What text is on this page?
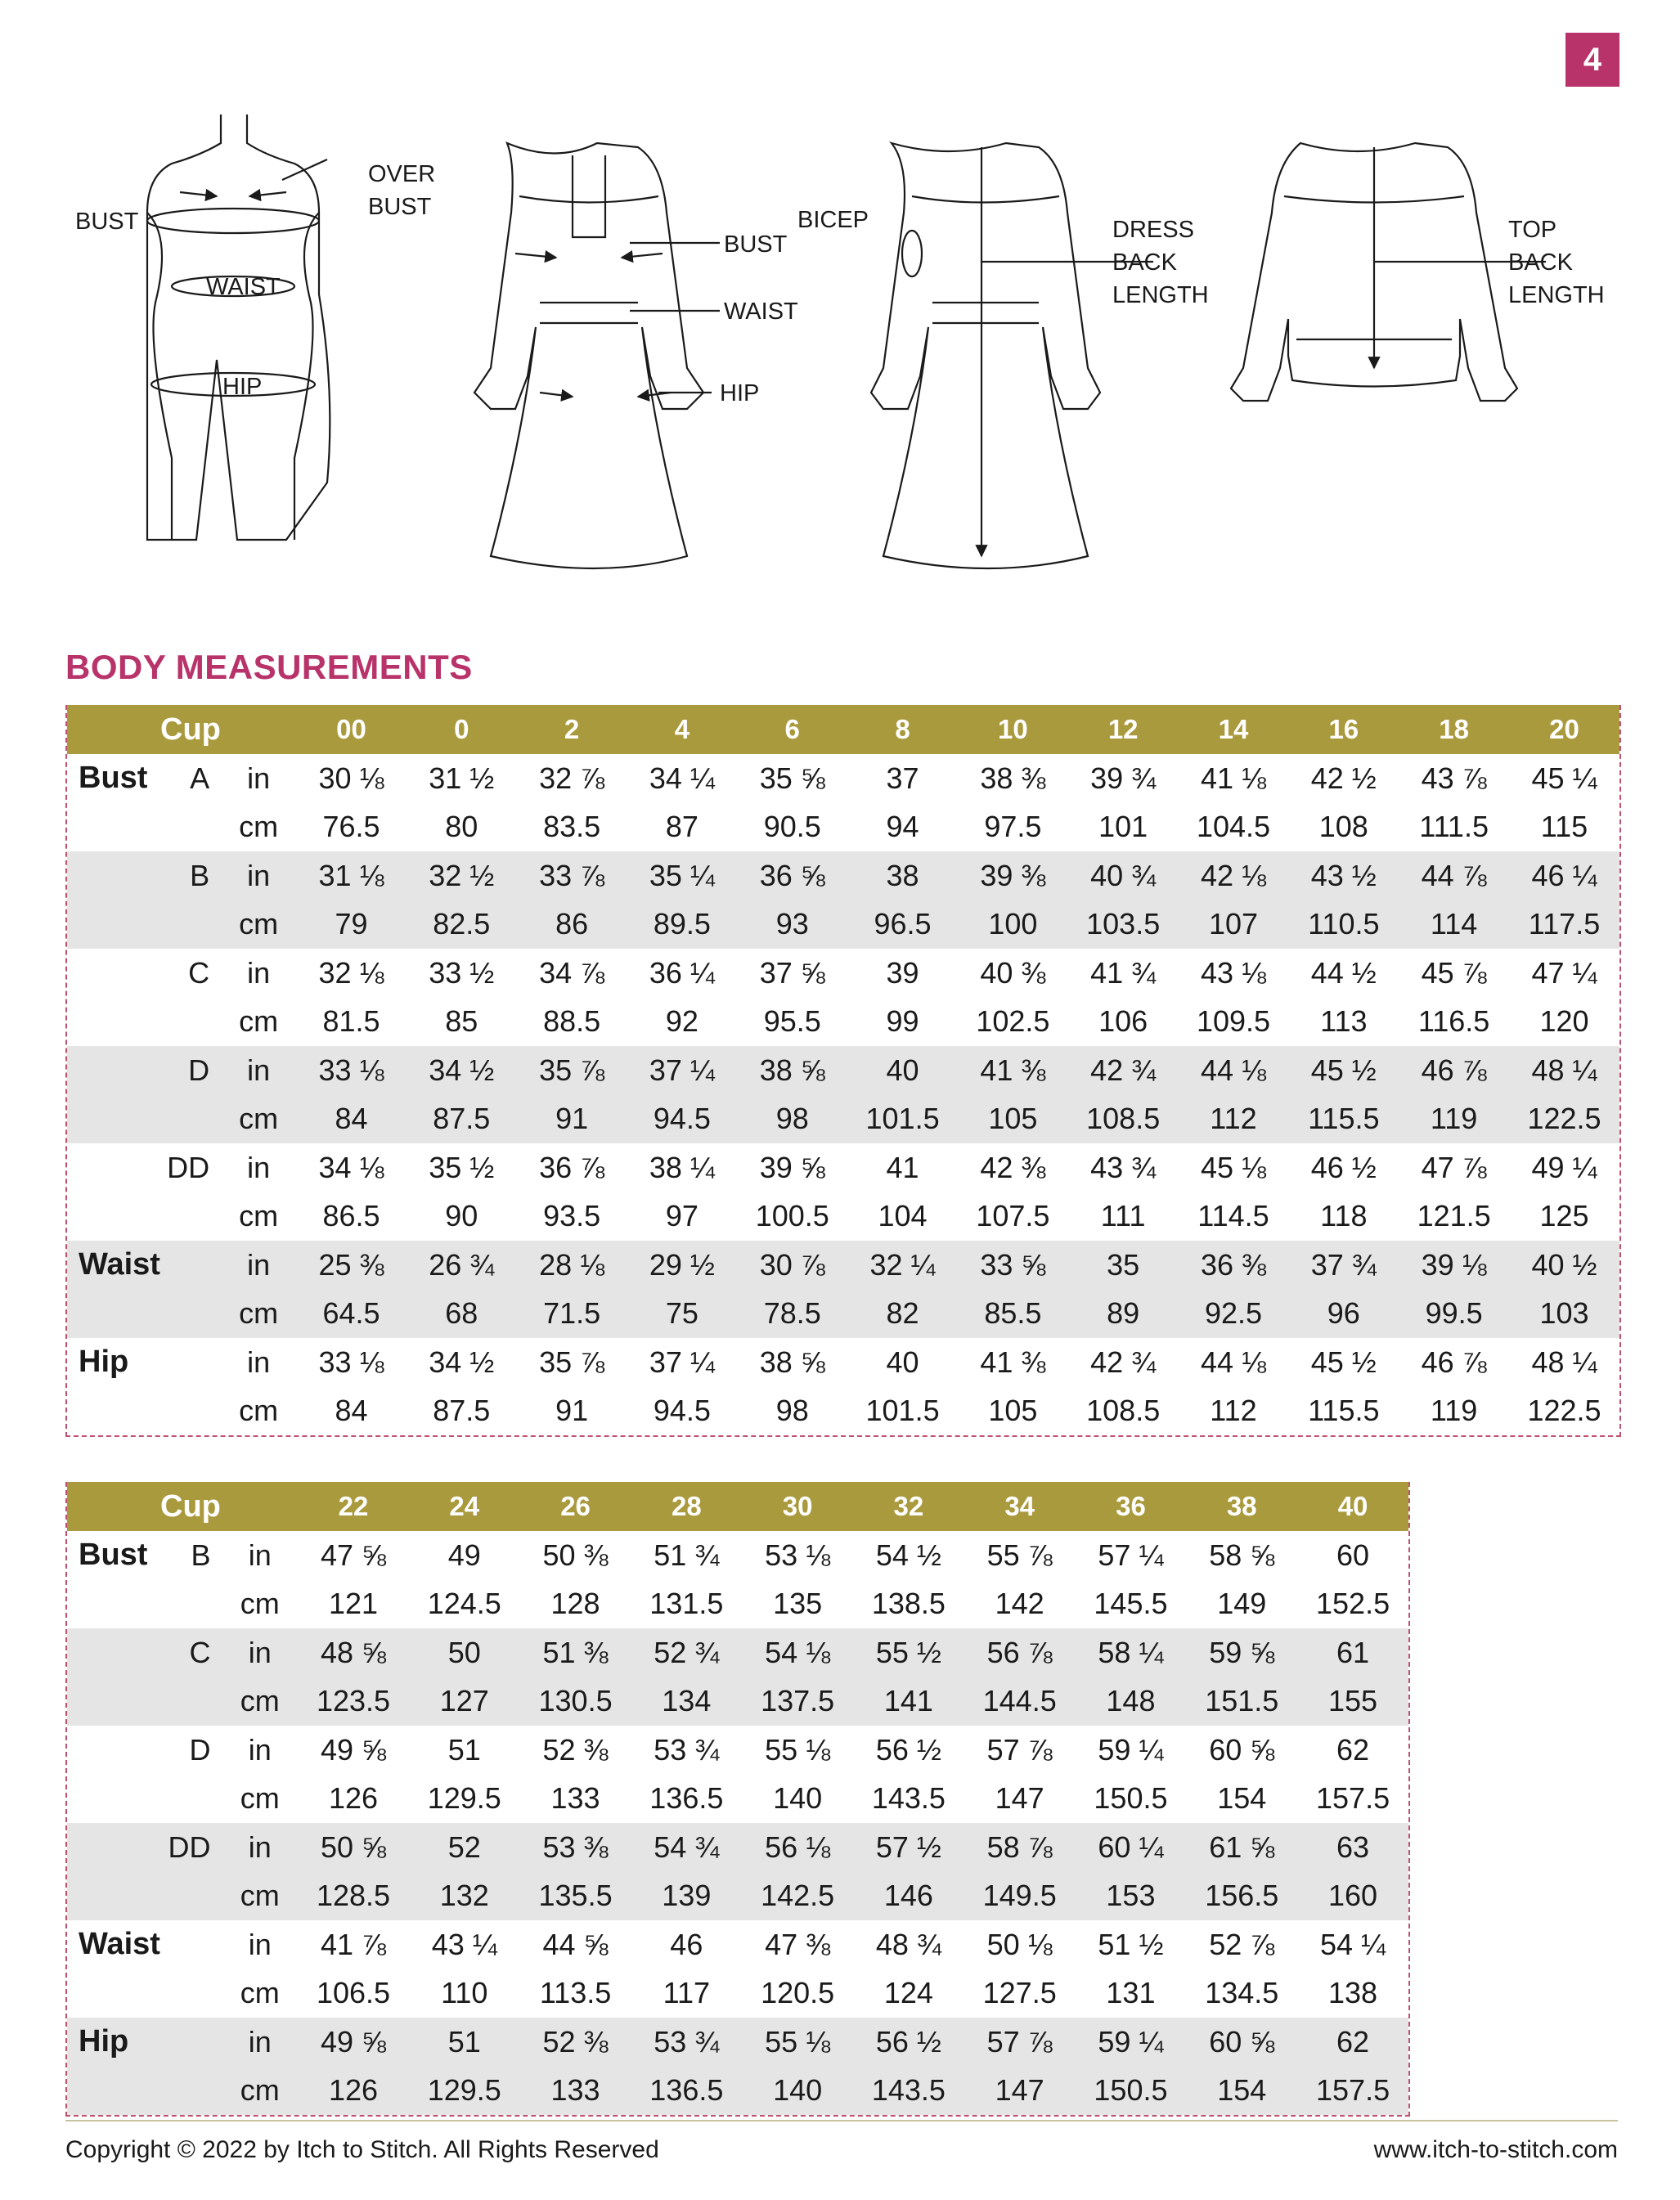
4
OVER
BUST
BUST
WAIST
HIP
BUST
WAIST
HIP
BICEP	DRESS
BACK
LENGTH
TOP
BACK
LENGTH
BODY MEASUREMENTS
Cup			00	0	2	4	6	8	10	12	14	16	18	20
Bust	A	in	30 ⅛	31 ½	32 ⅞	34 ¼	35 ⅝	37	38 ⅜	39 ¾	41 ⅛	42 ½	43 ⅞	45 ¼
		cm	76.5	80	83.5	87	90.5	94	97.5	101	104.5	108	111.5	115
	B	in	31 ⅛	32 ½	33 ⅞	35 ¼	36 ⅝	38	39 ⅜	40 ¾	42 ⅛	43 ½	44 ⅞	46 ¼
		cm	79	82.5	86	89.5	93	96.5	100	103.5	107	110.5	114	117.5
	C	in	32 ⅛	33 ½	34 ⅞	36 ¼	37 ⅝	39	40 ⅜	41 ¾	43 ⅛	44 ½	45 ⅞	47 ¼
		cm	81.5	85	88.5	92	95.5	99	102.5	106	109.5	113	116.5	120
	D	in	33 ⅛	34 ½	35 ⅞	37 ¼	38 ⅝	40	41 ⅜	42 ¾	44 ⅛	45 ½	46 ⅞	48 ¼
		cm	84	87.5	91	94.5	98	101.5	105	108.5	112	115.5	119	122.5
	DD	in	34 ⅛	35 ½	36 ⅞	38 ¼	39 ⅝	41	42 ⅜	43 ¾	45 ⅛	46 ½	47 ⅞	49 ¼
		cm	86.5	90	93.5	97	100.5	104	107.5	111	114.5	118	121.5	125
Waist		in	25 ⅜	26 ¾	28 ⅛	29 ½	30 ⅞	32 ¼	33 ⅝	35	36 ⅜	37 ¾	39 ⅛	40 ½
		cm	64.5	68	71.5	75	78.5	82	85.5	89	92.5	96	99.5	103
Hip		in	33 ⅛	34 ½	35 ⅞	37 ¼	38 ⅝	40	41 ⅜	42 ¾	44 ⅛	45 ½	46 ⅞	48 ¼
		cm	84	87.5	91	94.5	98	101.5	105	108.5	112	115.5	119	122.5
Cup			22	24	26	28	30	32	34	36	38	40
Bust	B	in	47 ⅝	49	50 ⅜	51 ¾	53 ⅛	54 ½	55 ⅞	57 ¼	58 ⅝	60
		cm	121	124.5	128	131.5	135	138.5	142	145.5	149	152.5
	C	in	48 ⅝	50	51 ⅜	52 ¾	54 ⅛	55 ½	56 ⅞	58 ¼	59 ⅝	61
		cm	123.5	127	130.5	134	137.5	141	144.5	148	151.5	155
	D	in	49 ⅝	51	52 ⅜	53 ¾	55 ⅛	56 ½	57 ⅞	59 ¼	60 ⅝	62
		cm	126	129.5	133	136.5	140	143.5	147	150.5	154	157.5
	DD	in	50 ⅝	52	53 ⅜	54 ¾	56 ⅛	57 ½	58 ⅞	60 ¼	61 ⅝	63
		cm	128.5	132	135.5	139	142.5	146	149.5	153	156.5	160
Waist		in	41 ⅞	43 ¼	44 ⅝	46	47 ⅜	48 ¾	50 ⅛	51 ½	52 ⅞	54 ¼
		cm	106.5	110	113.5	117	120.5	124	127.5	131	134.5	138
Hip		in	49 ⅝	51	52 ⅜	53 ¾	55 ⅛	56 ½	57 ⅞	59 ¼	60 ⅝	62
		cm	126	129.5	133	136.5	140	143.5	147	150.5	154	157.5
Copyright © 2022 by Itch to Stitch. All Rights Reserved	www.itch-to-stitch.com
